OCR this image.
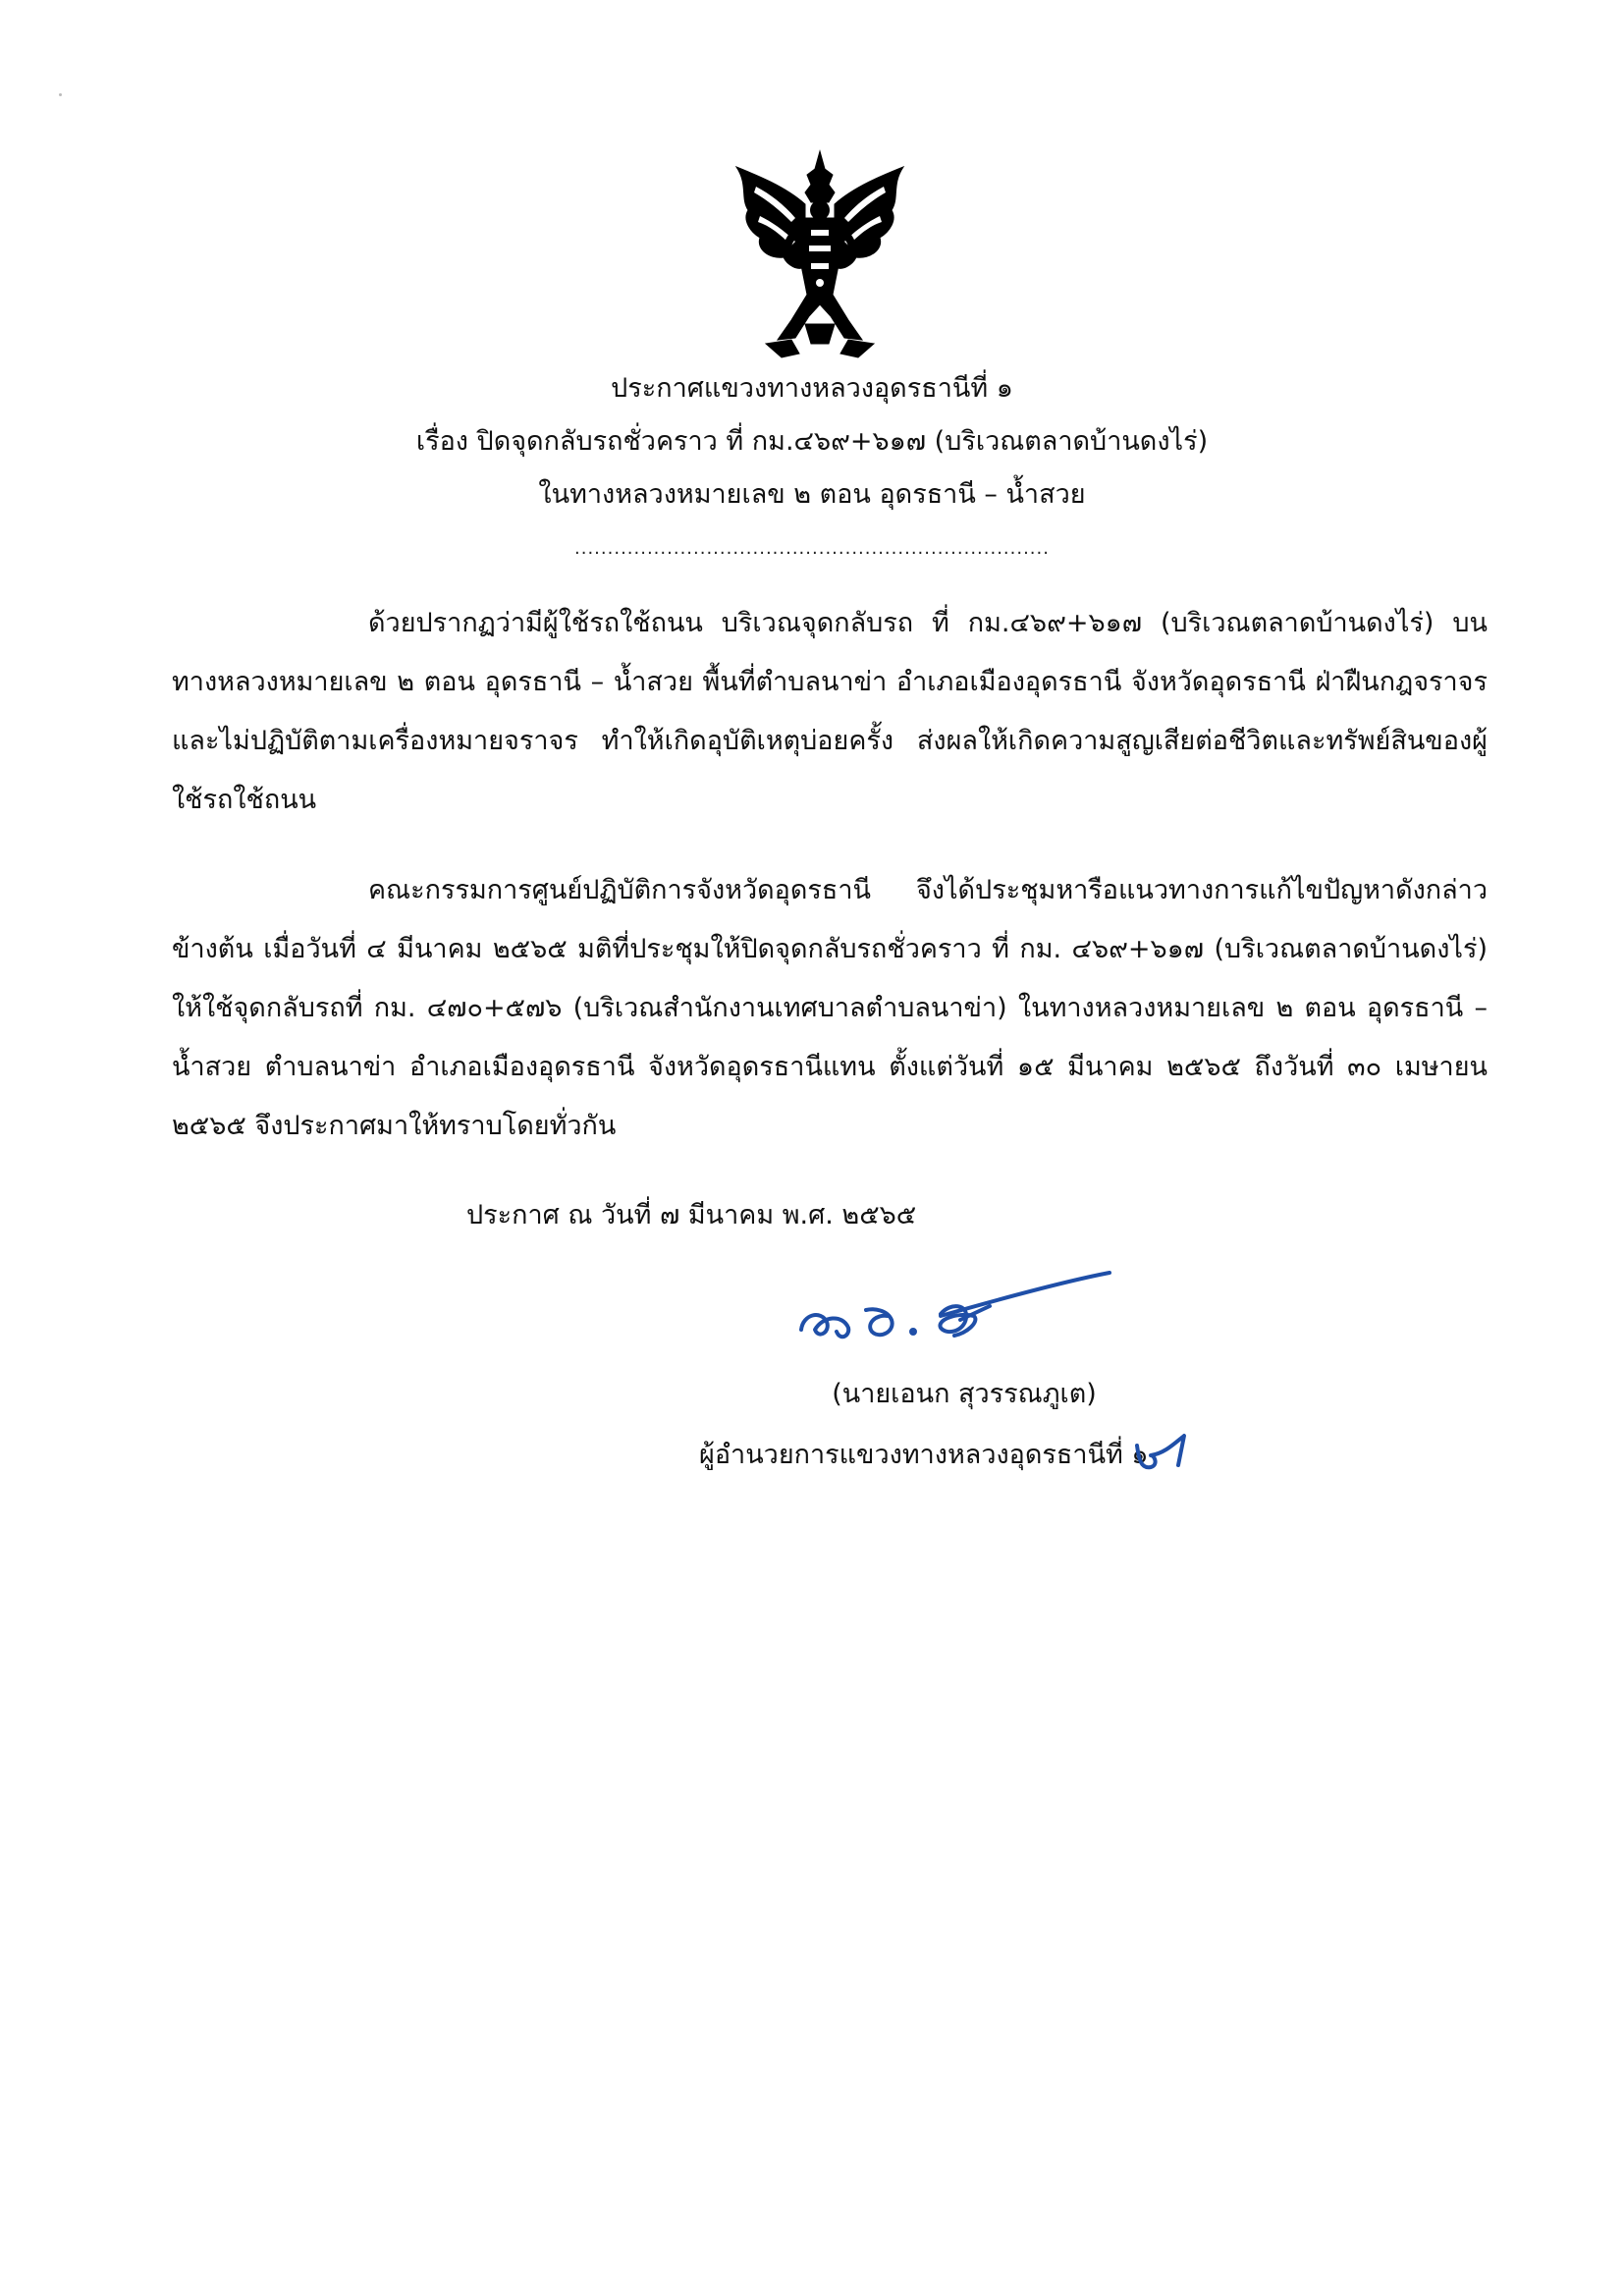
ประกาศแขวงทางหลวงอุดรธานีที่ ๑
เรื่อง ปิดจุดกลับรถชั่วคราว ที่ กม.๔๖๙+๖๑๗ (บริเวณตลาดบ้านดงไร่)
ในทางหลวงหมายเลข ๒ ตอน อุดรธานี – น้ำสวย
........................................................................

ด้วยปรากฏว่ามีผู้ใช้รถใช้ถนน บริเวณจุดกลับรถ ที่ กม.๔๖๙+๖๑๗ (บริเวณตลาดบ้านดงไร่) บนทางหลวงหมายเลข ๒ ตอน อุดรธานี – น้ำสวย พื้นที่ตำบลนาข่า อำเภอเมืองอุดรธานี จังหวัดอุดรธานี ฝ่าฝืนกฎจราจรและไม่ปฏิบัติตามเครื่องหมายจราจร ทำให้เกิดอุบัติเหตุบ่อยครั้ง ส่งผลให้เกิดความสูญเสียต่อชีวิตและทรัพย์สินของผู้ใช้รถใช้ถนน

คณะกรรมการศูนย์ปฏิบัติการจังหวัดอุดรธานี จึงได้ประชุมหารือแนวทางการแก้ไขปัญหาดังกล่าวข้างต้น เมื่อวันที่ ๔ มีนาคม ๒๕๖๕ มติที่ประชุมให้ปิดจุดกลับรถชั่วคราว ที่ กม. ๔๖๙+๖๑๗ (บริเวณตลาดบ้านดงไร่) ให้ใช้จุดกลับรถที่ กม. ๔๗๐+๕๗๖ (บริเวณสำนักงานเทศบาลตำบลนาข่า) ในทางหลวงหมายเลข ๒ ตอน อุดรธานี – น้ำสวย ตำบลนาข่า อำเภอเมืองอุดรธานี จังหวัดอุดรธานีแทน ตั้งแต่วันที่ ๑๕ มีนาคม ๒๕๖๕ ถึงวันที่ ๓๐ เมษายน ๒๕๖๕ จึงประกาศมาให้ทราบโดยทั่วกัน

ประกาศ ณ วันที่ ๗ มีนาคม พ.ศ. ๒๕๖๕
(นายเอนก สุวรรณภูเต)
ผู้อำนวยการแขวงทางหลวงอุดรธานีที่ ๑
